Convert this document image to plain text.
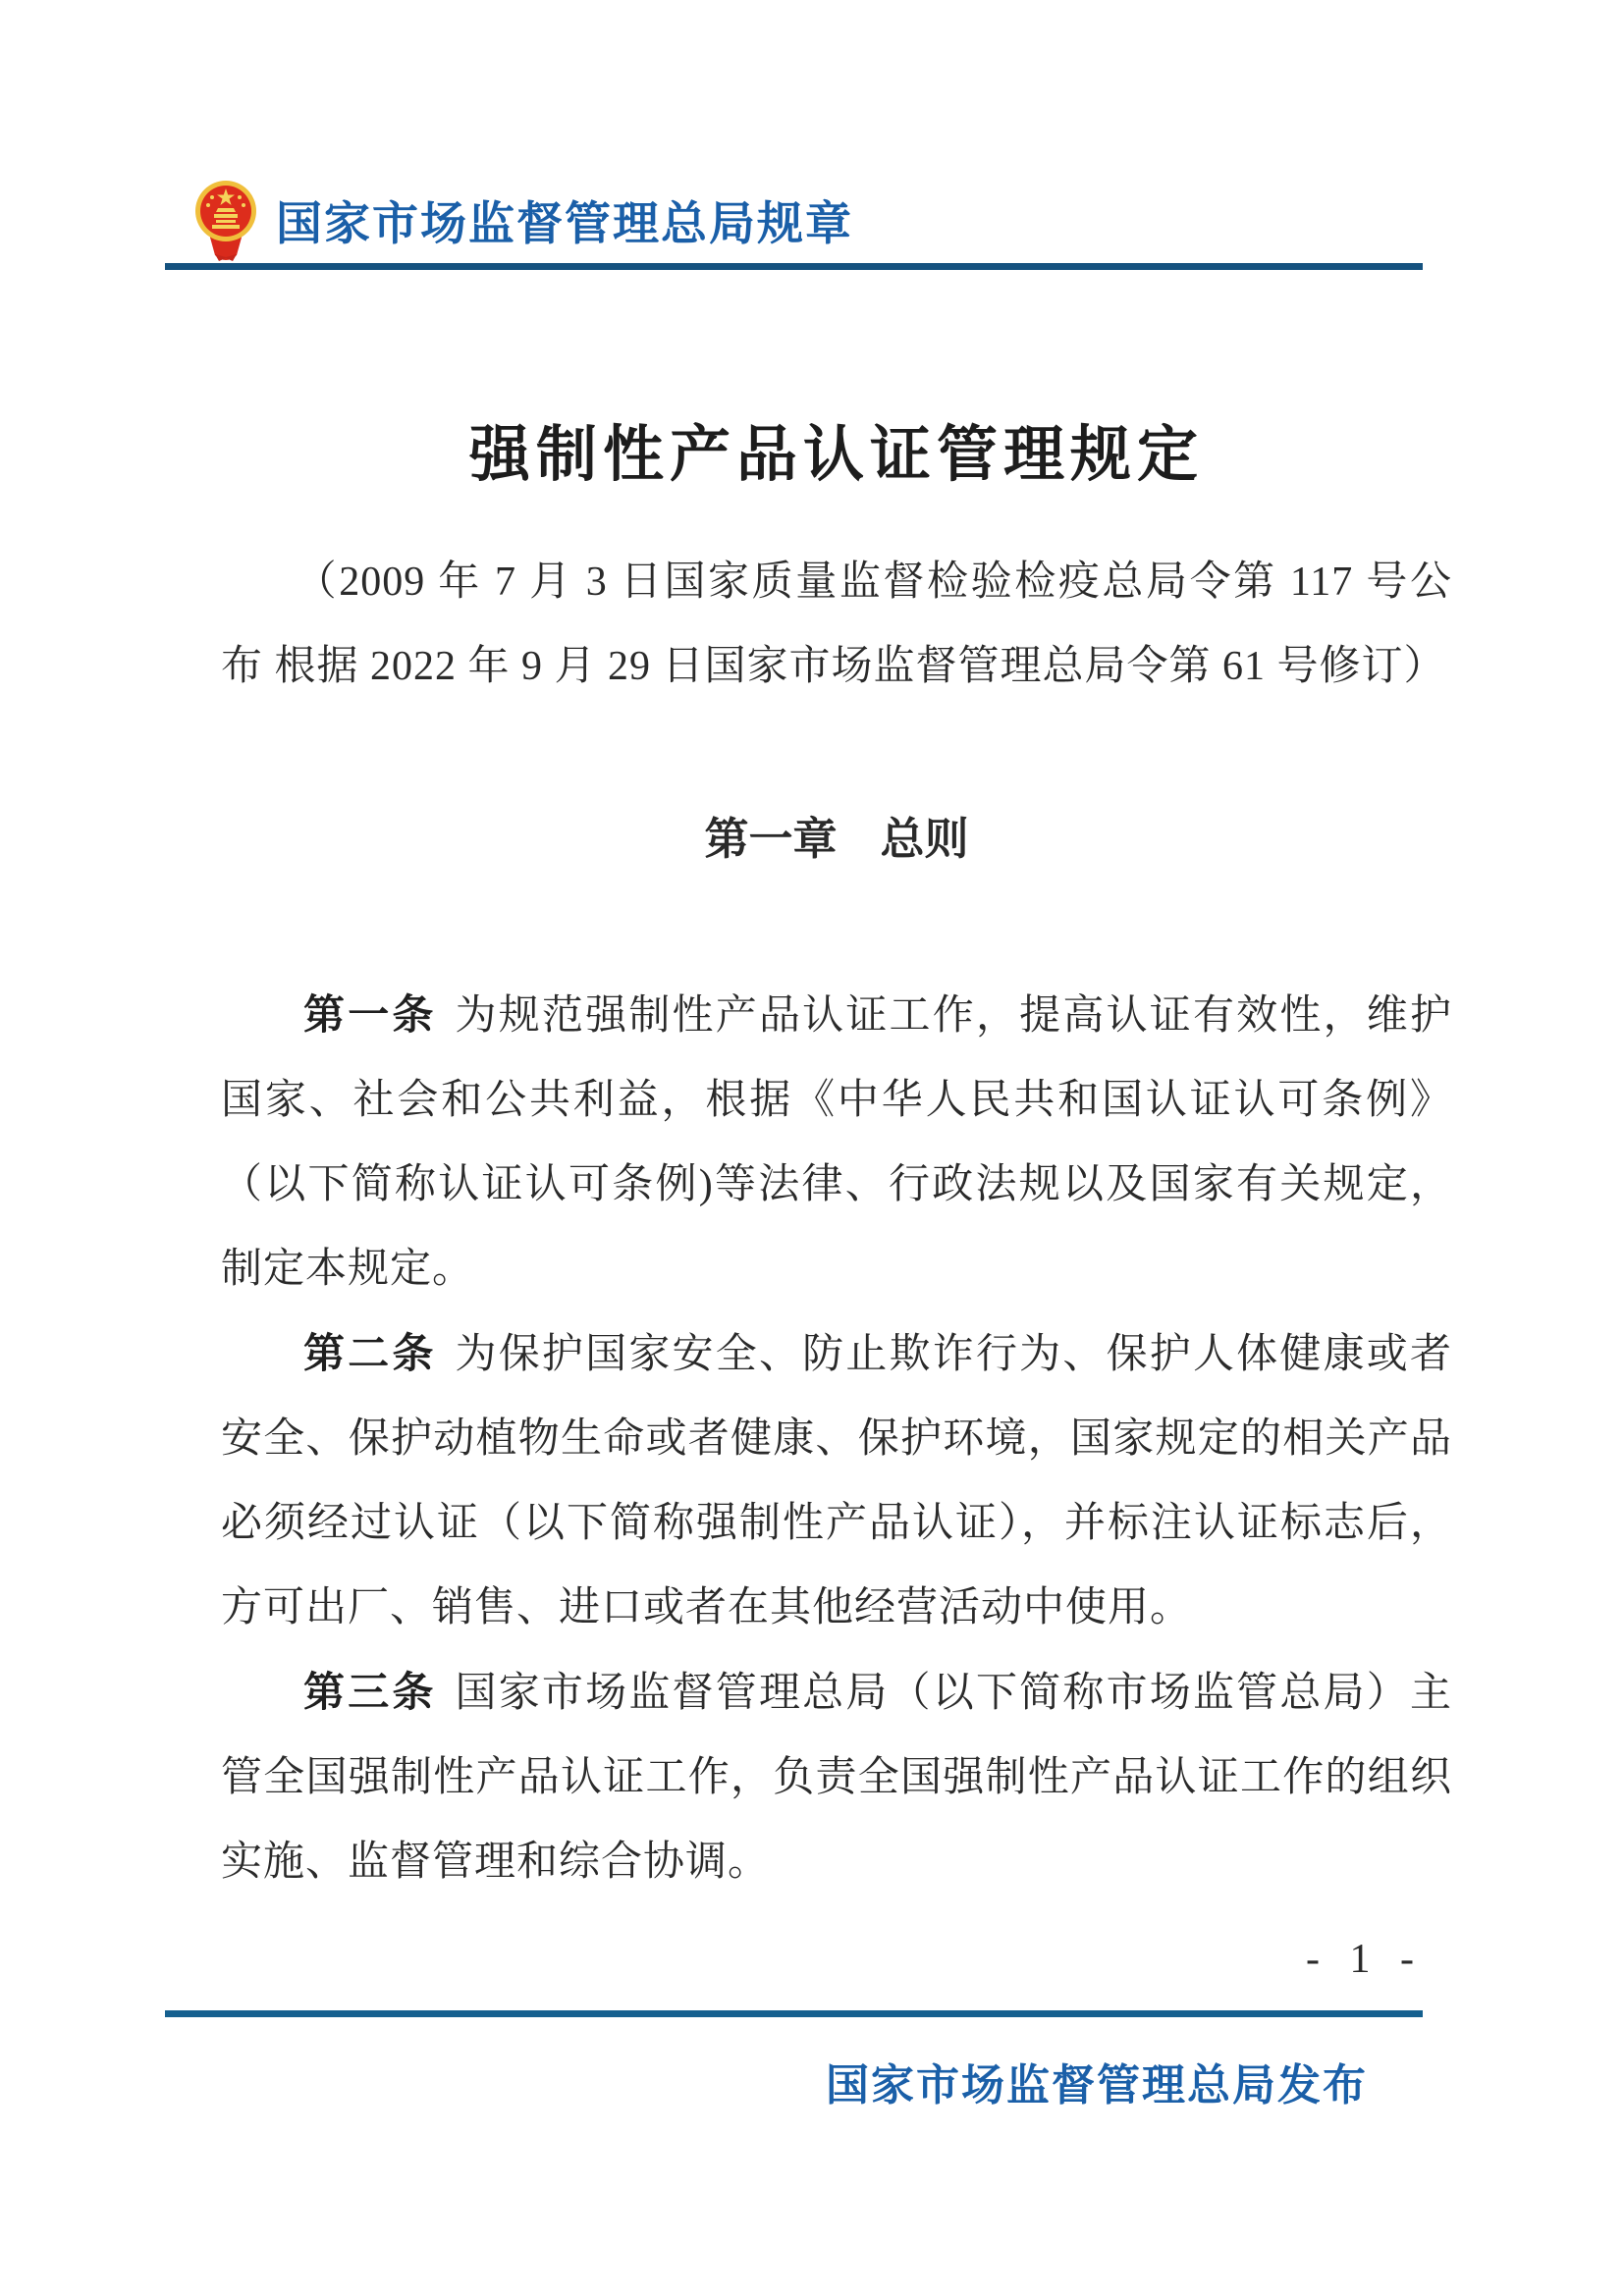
国家市场监督管理总局规章
强制性产品认证管理规定

（2009 年 7 月 3 日国家质量监督检验检疫总局令第 117 号公布 根据 2022 年 9 月 29 日国家市场监督管理总局令第 61 号修订）

第一章 总则

第一条 为规范强制性产品认证工作，提高认证有效性，维护国家、社会和公共利益，根据《中华人民共和国认证认可条例》（以下简称认证认可条例)等法律、行政法规以及国家有关规定，制定本规定。

第二条 为保护国家安全、防止欺诈行为、保护人体健康或者安全、保护动植物生命或者健康、保护环境，国家规定的相关产品必须经过认证（以下简称强制性产品认证），并标注认证标志后，方可出厂、销售、进口或者在其他经营活动中使用。

第三条 国家市场监督管理总局（以下简称市场监管总局）主管全国强制性产品认证工作，负责全国强制性产品认证工作的组织实施、监督管理和综合协调。

- 1 -
国家市场监督管理总局发布
